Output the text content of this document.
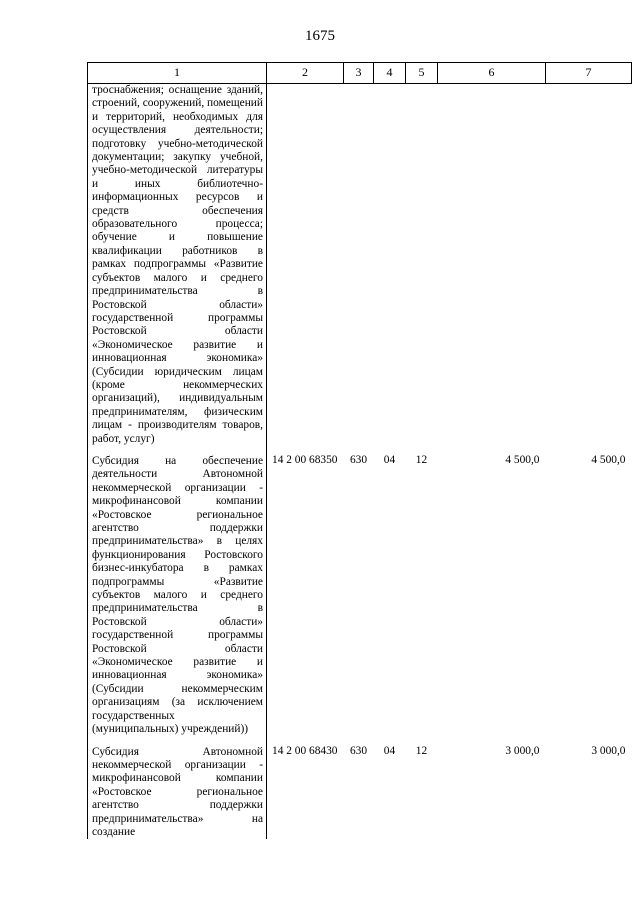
1675
1	2	3	4	5	6	7
троснабжения; оснащение зданий, строений, сооружений, помещений и территорий, необходимых для осуществления деятельности; подготовку учебно-методической документации; закупку учебной, учебно-методической литературы и иных библиотечно-информационных ресурсов и средств обеспечения образовательного процесса; обучение и повышение квалификации работников в рамках подпрограммы «Развитие субъектов малого и среднего предпринимательства в Ростовской области» государственной программы Ростовской области «Экономическое развитие и инновационная экономика» (Субсидии юридическим лицам (кроме некоммерческих организаций), индивидуальным предпринимателям, физическим лицам - производителям товаров, работ, услуг)						
Субсидия на обеспечение деятельности Автономной некоммерческой организации - микрофинансовой компании «Ростовское региональное агентство поддержки предпринимательства» в целях функционирования Ростовского бизнес-инкубатора в рамках подпрограммы «Развитие субъектов малого и среднего предпринимательства в Ростовской области» государственной программы Ростовской области «Экономическое развитие и инновационная экономика» (Субсидии некоммерческим организациям (за исключением государственных (муниципальных) учреждений))	14 2 00 68350	630	04	12	4 500,0	4 500,0
Субсидия Автономной некоммерческой организации - микрофинансовой компании «Ростовское региональное агентство поддержки предпринимательства» на создание	14 2 00 68430	630	04	12	3 000,0	3 000,0
